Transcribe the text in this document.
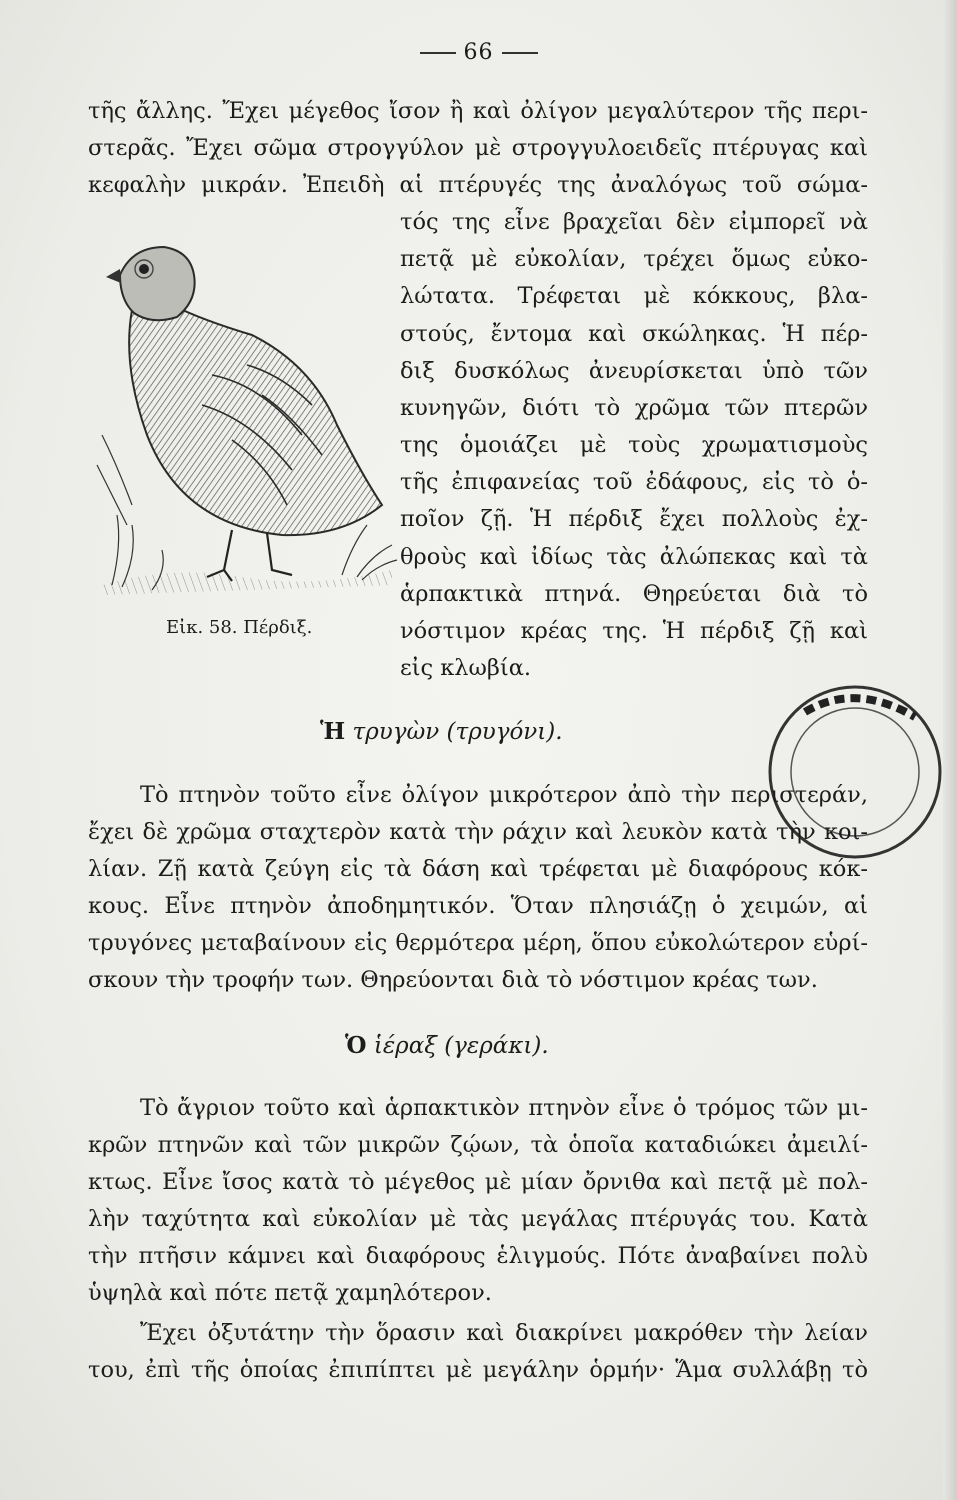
66
τῆς ἄλλης. Ἔχει μέγεθος ἴσον ἢ καὶ ὀλίγον μεγαλύτερον τῆς περι-
στερᾶς. Ἔχει σῶμα στρογγύλον μὲ στρογγυλοειδεῖς πτέρυγας καὶ
κεφαλὴν μικράν. Ἐπειδὴ αἱ πτέρυγές της ἀναλόγως τοῦ σώμα-
τός της εἶνε βραχεῖαι δὲν εἰμπορεῖ νὰ
πετᾷ μὲ εὐκολίαν, τρέχει ὅμως εὐκο-
λώτατα. Τρέφεται μὲ κόκκους, βλα-
στούς, ἔντομα καὶ σκώληκας. Ἡ πέρ-
διξ δυσκόλως ἀνευρίσκεται ὑπὸ τῶν
κυνηγῶν, διότι τὸ χρῶμα τῶν πτερῶν
της ὁμοιάζει μὲ τοὺς χρωματισμοὺς
τῆς ἐπιφανείας τοῦ ἐδάφους, εἰς τὸ ὁ-
ποῖον ζῇ. Ἡ πέρδιξ ἔχει πολλοὺς ἐχ-
θροὺς καὶ ἰδίως τὰς ἀλώπεκας καὶ τὰ
ἁρπακτικὰ πτηνά. Θηρεύεται διὰ τὸ
νόστιμον κρέας της. Ἡ πέρδιξ ζῇ καὶ
εἰς κλωβία.
Εἰκ. 58. Πέρδιξ.
Ἡ τρυγὼν (τρυγόνι).
Τὸ πτηνὸν τοῦτο εἶνε ὀλίγον μικρότερον ἀπὸ τὴν περιστεράν,
ἔχει δὲ χρῶμα σταχτερὸν κατὰ τὴν ράχιν καὶ λευκὸν κατὰ τὴν κοι-
λίαν. Ζῇ κατὰ ζεύγη εἰς τὰ δάση καὶ τρέφεται μὲ διαφόρους κόκ-
κους. Εἶνε πτηνὸν ἀποδημητικόν. Ὅταν πλησιάζῃ ὁ χειμών, αἱ
τρυγόνες μεταβαίνουν εἰς θερμότερα μέρη, ὅπου εὐκολώτερον εὑρί-
σκουν τὴν τροφήν των. Θηρεύονται διὰ τὸ νόστιμον κρέας των.
Ὁ ἱέραξ (γεράκι).
Τὸ ἄγριον τοῦτο καὶ ἁρπακτικὸν πτηνὸν εἶνε ὁ τρόμος τῶν μι-
κρῶν πτηνῶν καὶ τῶν μικρῶν ζῴων, τὰ ὁποῖα καταδιώκει ἀμειλί-
κτως. Εἶνε ἴσος κατὰ τὸ μέγεθος μὲ μίαν ὄρνιθα καὶ πετᾷ μὲ πολ-
λὴν ταχύτητα καὶ εὐκολίαν μὲ τὰς μεγάλας πτέρυγάς του. Κατὰ
τὴν πτῆσιν κάμνει καὶ διαφόρους ἑλιγμούς. Πότε ἀναβαίνει πολὺ
ὑψηλὰ καὶ πότε πετᾷ χαμηλότερον.
Ἔχει ὀξυτάτην τὴν ὅρασιν καὶ διακρίνει μακρόθεν τὴν λείαν
του, ἐπὶ τῆς ὁποίας ἐπιπίπτει μὲ μεγάλην ὁρμήν· Ἅμα συλλάβῃ τὸ
